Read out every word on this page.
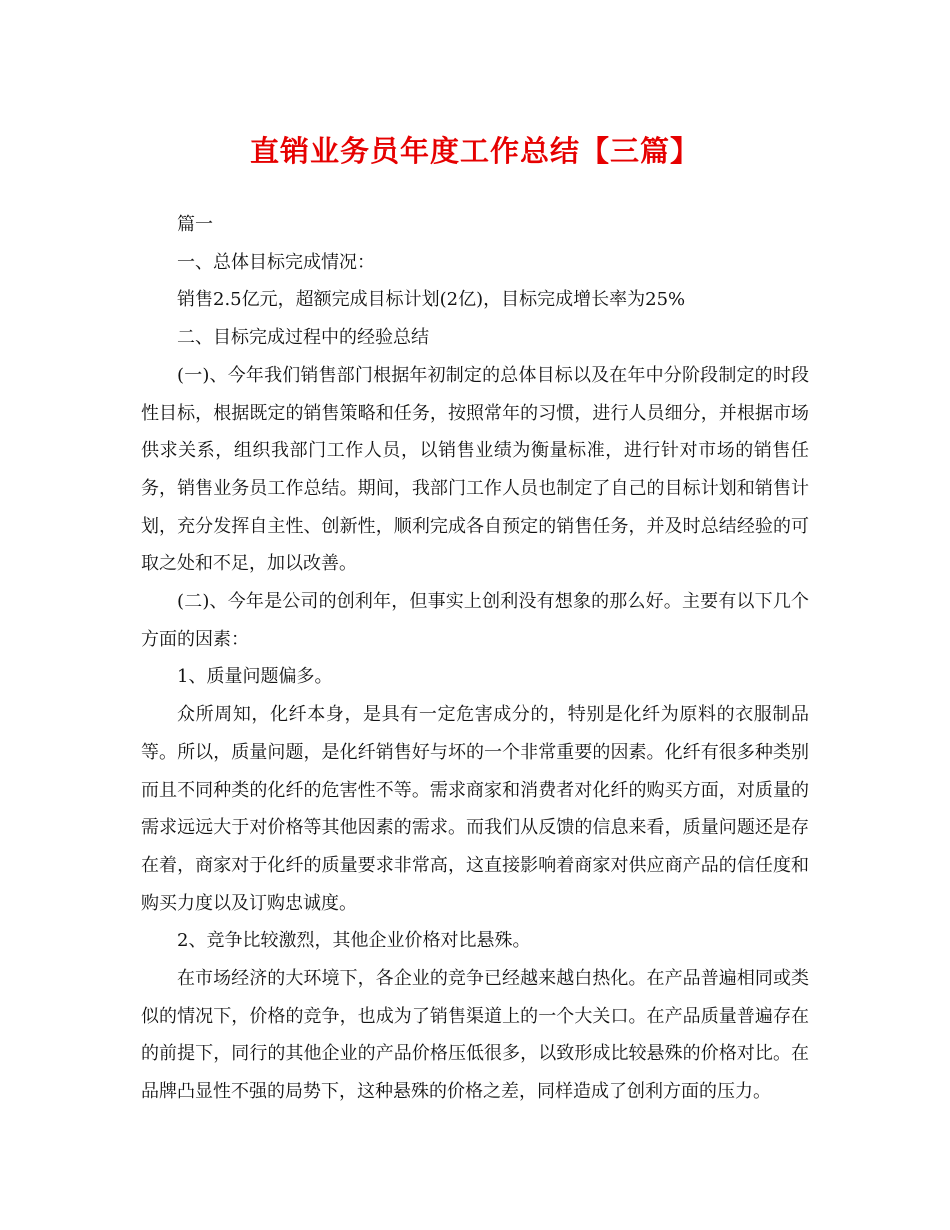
直销业务员年度工作总结【三篇】

篇一

一、总体目标完成情况：

销售2.5亿元，超额完成目标计划(2亿)，目标完成增长率为25%

二、目标完成过程中的经验总结

(一)、今年我们销售部门根据年初制定的总体目标以及在年中分阶段制定的时段性目标，根据既定的销售策略和任务，按照常年的习惯，进行人员细分，并根据市场供求关系，组织我部门工作人员，以销售业绩为衡量标准，进行针对市场的销售任务，销售业务员工作总结。期间，我部门工作人员也制定了自己的目标计划和销售计划，充分发挥自主性、创新性，顺利完成各自预定的销售任务，并及时总结经验的可取之处和不足，加以改善。

(二)、今年是公司的创利年，但事实上创利没有想象的那么好。主要有以下几个方面的因素：

1、质量问题偏多。

众所周知，化纤本身，是具有一定危害成分的，特别是化纤为原料的衣服制品等。所以，质量问题，是化纤销售好与坏的一个非常重要的因素。化纤有很多种类别而且不同种类的化纤的危害性不等。需求商家和消费者对化纤的购买方面，对质量的需求远远大于对价格等其他因素的需求。而我们从反馈的信息来看，质量问题还是存在着，商家对于化纤的质量要求非常高，这直接影响着商家对供应商产品的信任度和购买力度以及订购忠诚度。

2、竞争比较激烈，其他企业价格对比悬殊。

在市场经济的大环境下，各企业的竞争已经越来越白热化。在产品普遍相同或类似的情况下，价格的竞争，也成为了销售渠道上的一个大关口。在产品质量普遍存在的前提下，同行的其他企业的产品价格压低很多，以致形成比较悬殊的价格对比。在品牌凸显性不强的局势下，这种悬殊的价格之差，同样造成了创利方面的压力。
